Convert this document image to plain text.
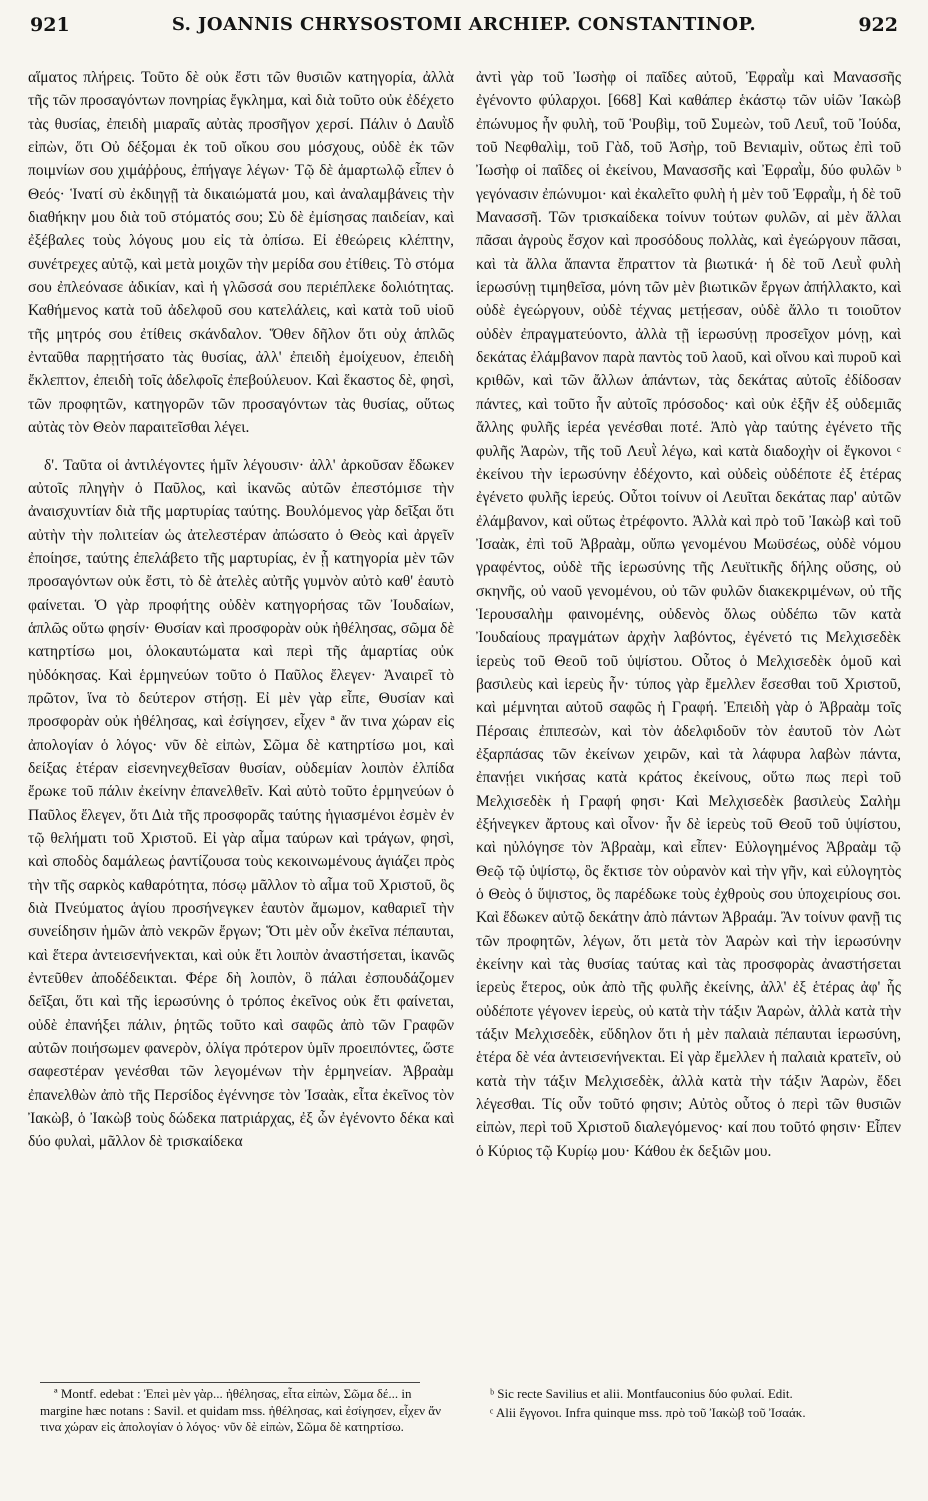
921	S. JOANNIS CHRYSOSTOMI ARCHIEP. CONSTANTINOP.	922

αἵματος πλήρεις. Τοῦτο δὲ οὐκ ἔστι τῶν θυσιῶν κατηγορία, ἀλλὰ τῆς τῶν προσαγόντων πονηρίας ἔγκλημα, καὶ διὰ τοῦτο οὐκ ἐδέχετο τὰς θυσίας, ἐπειδὴ μιαραῖς αὐτὰς προσῆγον χερσί. Πάλιν ὁ Δαυῒδ εἰπὼν, ὅτι Οὐ δέξομαι ἐκ τοῦ οἴκου σου μόσχους, οὐδὲ ἐκ τῶν ποιμνίων σου χιμάῤῥους, ἐπήγαγε λέγων· Τῷ δὲ ἁμαρτωλῷ εἶπεν ὁ Θεός· Ἱνατί σὺ ἐκδιηγῇ τὰ δικαιώματά μου, καὶ ἀναλαμβάνεις τὴν διαθήκην μου διὰ τοῦ στόματός σου; Σὺ δὲ ἐμίσησας παιδείαν, καὶ ἐξέβαλες τοὺς λόγους μου εἰς τὰ ὀπίσω. Εἰ ἐθεώρεις κλέπτην, συνέτρεχες αὐτῷ, καὶ μετὰ μοιχῶν τὴν μερίδα σου ἐτίθεις. Τὸ στόμα σου ἐπλεόνασε ἀδικίαν, καὶ ἡ γλῶσσά σου περιέπλεκε δολιότητας. Καθήμενος κατὰ τοῦ ἀδελφοῦ σου κατελάλεις, καὶ κατὰ τοῦ υἱοῦ τῆς μητρός σου ἐτίθεις σκάνδαλον. Ὅθεν δῆλον ὅτι οὐχ ἁπλῶς ἐνταῦθα παρῃτήσατο τὰς θυσίας, ἀλλ' ἐπειδὴ ἐμοίχευον, ἐπειδὴ ἔκλεπτον, ἐπειδὴ τοῖς ἀδελφοῖς ἐπεβούλευον. Καὶ ἕκαστος δὲ, φησὶ, τῶν προφητῶν, κατηγορῶν τῶν προσαγόντων τὰς θυσίας, οὕτως αὐτὰς τὸν Θεὸν παραιτεῖσθαι λέγει.

δ'. Ταῦτα οἱ ἀντιλέγοντες ἡμῖν λέγουσιν· ἀλλ' ἀρκοῦσαν ἔδωκεν αὐτοῖς πληγὴν ὁ Παῦλος, καὶ ἱκανῶς αὐτῶν ἐπεστόμισε τὴν ἀναισχυντίαν διὰ τῆς μαρτυρίας ταύτης. Βουλόμενος γὰρ δεῖξαι ὅτι αὐτὴν τὴν πολιτείαν ὡς ἀτελεστέραν ἀπώσατο ὁ Θεὸς καὶ ἀργεῖν ἐποίησε, ταύτης ἐπελάβετο τῆς μαρτυρίας, ἐν ᾗ κατηγορία μὲν τῶν προσαγόντων οὐκ ἔστι, τὸ δὲ ἀτελὲς αὐτῆς γυμνὸν αὐτὸ καθ' ἑαυτὸ φαίνεται. Ὁ γὰρ προφήτης οὐδὲν κατηγορήσας τῶν Ἰουδαίων, ἁπλῶς οὕτω φησίν· Θυσίαν καὶ προσφορὰν οὐκ ἠθέλησας, σῶμα δὲ κατηρτίσω μοι, ὁλοκαυτώματα καὶ περὶ τῆς ἁμαρτίας οὐκ ηὐδόκησας. Καὶ ἑρμηνεύων τοῦτο ὁ Παῦλος ἔλεγεν· Ἀναιρεῖ τὸ πρῶτον, ἵνα τὸ δεύτερον στήσῃ. Εἰ μὲν γὰρ εἶπε, Θυσίαν καὶ προσφορὰν οὐκ ἠθέλησας, καὶ ἐσίγησεν, εἶχεν ª ἄν τινα χώραν εἰς ἀπολογίαν ὁ λόγος· νῦν δὲ εἰπὼν, Σῶμα δὲ κατηρτίσω μοι, καὶ δείξας ἑτέραν εἰσενηνεχθεῖσαν θυσίαν, οὐδεμίαν λοιπὸν ἐλπίδα ἔρωκε τοῦ πάλιν ἐκείνην ἐπανελθεῖν. Καὶ αὐτὸ τοῦτο ἑρμηνεύων ὁ Παῦλος ἔλεγεν, ὅτι Διὰ τῆς προσφορᾶς ταύτης ἡγιασμένοι ἐσμὲν ἐν τῷ θελήματι τοῦ Χριστοῦ. Εἰ γὰρ αἷμα ταύρων καὶ τράγων, φησὶ, καὶ σποδὸς δαμάλεως ῥαντίζουσα τοὺς κεκοινωμένους ἁγιάζει πρὸς τὴν τῆς σαρκὸς καθαρότητα, πόσῳ μᾶλλον τὸ αἷμα τοῦ Χριστοῦ, ὃς διὰ Πνεύματος ἁγίου προσήνεγκεν ἑαυτὸν ἄμωμον, καθαριεῖ τὴν συνείδησιν ἡμῶν ἀπὸ νεκρῶν ἔργων; Ὅτι μὲν οὖν ἐκεῖνα πέπαυται, καὶ ἕτερα ἀντεισενήνεκται, καὶ οὐκ ἔτι λοιπὸν ἀναστήσεται, ἱκανῶς ἐντεῦθεν ἀποδέδεικται. Φέρε δὴ λοιπὸν, ὃ πάλαι ἐσπουδάζομεν δεῖξαι, ὅτι καὶ τῆς ἱερωσύνης ὁ τρόπος ἐκεῖνος οὐκ ἔτι φαίνεται, οὐδὲ ἐπανήξει πάλιν, ῥητῶς τοῦτο καὶ σαφῶς ἀπὸ τῶν Γραφῶν αὐτῶν ποιήσωμεν φανερὸν, ὀλίγα πρότερον ὑμῖν προειπόντες, ὥστε σαφεστέραν γενέσθαι τῶν λεγομένων τὴν ἑρμηνείαν. Ἀβραὰμ ἐπανελθὼν ἀπὸ τῆς Περσίδος ἐγέννησε τὸν Ἰσαὰκ, εἶτα ἐκεῖνος τὸν Ἰακὼβ, ὁ Ἰακὼβ τοὺς δώδεκα πατριάρχας, ἐξ ὧν ἐγένοντο δέκα καὶ δύο φυλαὶ, μᾶλλον δὲ τρισκαίδεκα

ἀντὶ γὰρ τοῦ Ἰωσὴφ οἱ παῖδες αὐτοῦ, Ἐφραῒμ καὶ Μανασσῆς ἐγένοντο φύλαρχοι. [668] Καὶ καθάπερ ἑκάστῳ τῶν υἱῶν Ἰακὼβ ἐπώνυμος ἦν φυλὴ, τοῦ Ῥουβὶμ, τοῦ Συμεὼν, τοῦ Λευΐ, τοῦ Ἰούδα, τοῦ Νεφθαλὶμ, τοῦ Γὰδ, τοῦ Ἀσὴρ, τοῦ Βενιαμὶν, οὕτως ἐπὶ τοῦ Ἰωσὴφ οἱ παῖδες οἱ ἐκείνου, Μανασσῆς καὶ Ἐφραῒμ, δύο φυλῶν ᵇ γεγόνασιν ἐπώνυμοι· καὶ ἐκαλεῖτο φυλὴ ἡ μὲν τοῦ Ἐφραῒμ, ἡ δὲ τοῦ Μανασσῆ. Τῶν τρισκαίδεκα τοίνυν τούτων φυλῶν, αἱ μὲν ἄλλαι πᾶσαι ἀγροὺς ἔσχον καὶ προσόδους πολλὰς, καὶ ἐγεώργουν πᾶσαι, καὶ τὰ ἄλλα ἅπαντα ἔπραττον τὰ βιωτικά· ἡ δὲ τοῦ Λευῒ φυλὴ ἱερωσύνῃ τιμηθεῖσα, μόνη τῶν μὲν βιωτικῶν ἔργων ἀπήλλακτο, καὶ οὐδὲ ἐγεώργουν, οὐδὲ τέχνας μετῄεσαν, οὐδὲ ἄλλο τι τοιοῦτον οὐδὲν ἐπραγματεύοντο, ἀλλὰ τῇ ἱερωσύνῃ προσεῖχον μόνῃ, καὶ δεκάτας ἐλάμβανον παρὰ παντὸς τοῦ λαοῦ, καὶ οἴνου καὶ πυροῦ καὶ κριθῶν, καὶ τῶν ἄλλων ἁπάντων, τὰς δεκάτας αὐτοῖς ἐδίδοσαν πάντες, καὶ τοῦτο ἦν αὐτοῖς πρόσοδος· καὶ οὐκ ἐξῆν ἐξ οὐδεμιᾶς ἄλλης φυλῆς ἱερέα γενέσθαι ποτέ. Ἀπὸ γὰρ ταύτης ἐγένετο τῆς φυλῆς Ἀαρὼν, τῆς τοῦ Λευῒ λέγω, καὶ κατὰ διαδοχὴν οἱ ἔγκονοι ᶜ ἐκείνου τὴν ἱερωσύνην ἐδέχοντο, καὶ οὐδεὶς οὐδέποτε ἐξ ἑτέρας ἐγένετο φυλῆς ἱερεύς. Οὗτοι τοίνυν οἱ Λευῖται δεκάτας παρ' αὐτῶν ἐλάμβανον, καὶ οὕτως ἐτρέφοντο. Ἀλλὰ καὶ πρὸ τοῦ Ἰακὼβ καὶ τοῦ Ἰσαὰκ, ἐπὶ τοῦ Ἀβραὰμ, οὔπω γενομένου Μωϋσέως, οὐδὲ νόμου γραφέντος, οὐδὲ τῆς ἱερωσύνης τῆς Λευϊτικῆς δήλης οὔσης, οὐ σκηνῆς, οὐ ναοῦ γενομένου, οὐ τῶν φυλῶν διακεκριμένων, οὐ τῆς Ἱερουσαλὴμ φαινομένης, οὐδενὸς ὅλως οὐδέπω τῶν κατὰ Ἰουδαίους πραγμάτων ἀρχὴν λαβόντος, ἐγένετό τις Μελχισεδὲκ ἱερεὺς τοῦ Θεοῦ τοῦ ὑψίστου. Οὗτος ὁ Μελχισεδὲκ ὁμοῦ καὶ βασιλεὺς καὶ ἱερεὺς ἦν· τύπος γὰρ ἔμελλεν ἔσεσθαι τοῦ Χριστοῦ, καὶ μέμνηται αὐτοῦ σαφῶς ἡ Γραφή. Ἐπειδὴ γὰρ ὁ Ἀβραὰμ τοῖς Πέρσαις ἐπιπεσὼν, καὶ τὸν ἀδελφιδοῦν τὸν ἑαυτοῦ τὸν Λὼτ ἐξαρπάσας τῶν ἐκείνων χειρῶν, καὶ τὰ λάφυρα λαβὼν πάντα, ἐπανῄει νικήσας κατὰ κράτος ἐκείνους, οὕτω πως περὶ τοῦ Μελχισεδὲκ ἡ Γραφή φησι· Καὶ Μελχισεδὲκ βασιλεὺς Σαλὴμ ἐξήνεγκεν ἄρτους καὶ οἶνον· ἦν δὲ ἱερεὺς τοῦ Θεοῦ τοῦ ὑψίστου, καὶ ηὐλόγησε τὸν Ἀβραὰμ, καὶ εἶπεν· Εὐλογημένος Ἀβραὰμ τῷ Θεῷ τῷ ὑψίστῳ, ὃς ἔκτισε τὸν οὐρανὸν καὶ τὴν γῆν, καὶ εὐλογητὸς ὁ Θεὸς ὁ ὕψιστος, ὃς παρέδωκε τοὺς ἐχθροὺς σου ὑποχειρίους σοι. Καὶ ἔδωκεν αὐτῷ δεκάτην ἀπὸ πάντων Ἀβραάμ. Ἂν τοίνυν φανῇ τις τῶν προφητῶν, λέγων, ὅτι μετὰ τὸν Ἀαρὼν καὶ τὴν ἱερωσύνην ἐκείνην καὶ τὰς θυσίας ταύτας καὶ τὰς προσφορὰς ἀναστήσεται ἱερεὺς ἕτερος, οὐκ ἀπὸ τῆς φυλῆς ἐκείνης, ἀλλ' ἐξ ἑτέρας ἀφ' ἧς οὐδέποτε γέγονεν ἱερεὺς, οὐ κατὰ τὴν τάξιν Ἀαρὼν, ἀλλὰ κατὰ τὴν τάξιν Μελχισεδὲκ, εὔδηλον ὅτι ἡ μὲν παλαιὰ πέπαυται ἱερωσύνη, ἑτέρα δὲ νέα ἀντεισενήνεκται. Εἰ γὰρ ἔμελλεν ἡ παλαιὰ κρατεῖν, οὐ κατὰ τὴν τάξιν Μελχισεδὲκ, ἀλλὰ κατὰ τὴν τάξιν Ἀαρὼν, ἔδει λέγεσθαι. Τίς οὖν τοῦτό φησιν; Αὐτὸς οὗτος ὁ περὶ τῶν θυσιῶν εἰπὼν, περὶ τοῦ Χριστοῦ διαλεγόμενος· καί που τοῦτό φησιν· Εἶπεν ὁ Κύριος τῷ Κυρίῳ μου· Κάθου ἐκ δεξιῶν μου.

ª Montf. edebat : Ἐπεὶ μὲν γὰρ... ἠθέλησας, εἶτα εἰπὼν, Σῶμα δέ... in margine hæc notans : Savil. et quidam mss. ἠθέλησας, καὶ ἐσίγησεν, εἶχεν ἄν τινα χώραν εἰς ἀπολογίαν ὁ λόγος· νῦν δὲ εἰπὼν, Σῶμα δὲ κατηρτίσω.

ᵇ Sic recte Savilius et alii. Montfauconius δύο φυλαί. Edit.

ᶜ Alii ἔγγονοι. Infra quinque mss. πρὸ τοῦ Ἰακὼβ τοῦ Ἰσαάκ.
